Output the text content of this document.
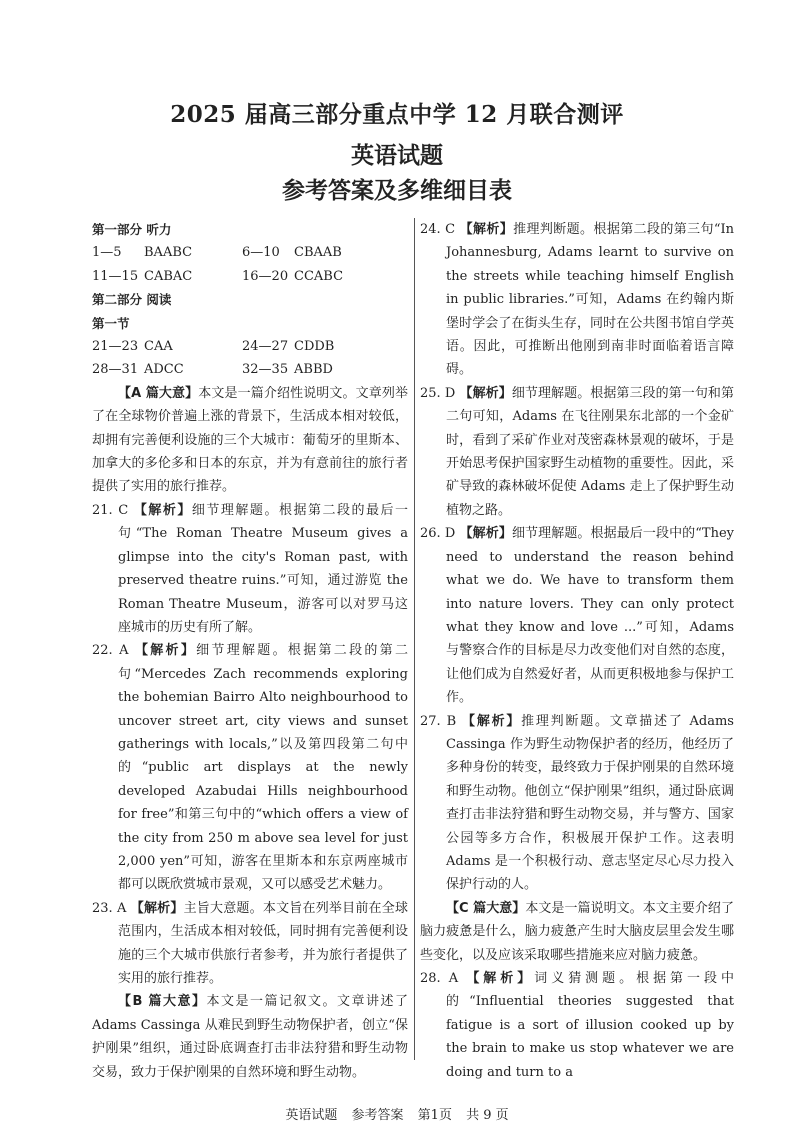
2025 届高三部分重点中学 12 月联合测评
英语试题
参考答案及多维细目表
第一部分 听力
1—5 BAABC	6—10 CBAAB
11—15 CABAC	16—20 CCABC
第二部分 阅读
第一节
21—23 CAA	24—27 CDDB
28—31 ADCC	32—35 ABBD

【A 篇大意】本文是一篇介绍性说明文。文章列举了在全球物价普遍上涨的背景下，生活成本相对较低，却拥有完善便利设施的三个大城市：葡萄牙的里斯本、加拿大的多伦多和日本的东京，并为有意前往的旅行者提供了实用的旅行推荐。

21. C 【解析】细节理解题。根据第二段的最后一句“The Roman Theatre Museum gives a glimpse into the city's Roman past, with preserved theatre ruins.”可知，通过游览 the Roman Theatre Museum，游客可以对罗马这座城市的历史有所了解。

22. A 【解析】细节理解题。根据第二段的第二句“Mercedes Zach recommends exploring the bohemian Bairro Alto neighbourhood to uncover street art, city views and sunset gatherings with locals,”以及第四段第二句中的“public art displays at the newly developed Azabudai Hills neighbourhood for free”和第三句中的“which offers a view of the city from 250 m above sea level for just 2,000 yen”可知，游客在里斯本和东京两座城市都可以既欣赏城市景观，又可以感受艺术魅力。

23. A 【解析】主旨大意题。本文旨在列举目前在全球范围内，生活成本相对较低，同时拥有完善便利设施的三个大城市供旅行者参考，并为旅行者提供了实用的旅行推荐。

【B 篇大意】本文是一篇记叙文。文章讲述了 Adams Cassinga 从难民到野生动物保护者，创立“保护刚果”组织，通过卧底调查打击非法狩猎和野生动物交易，致力于保护刚果的自然环境和野生动物。

24. C 【解析】推理判断题。根据第二段的第三句“In Johannesburg, Adams learnt to survive on the streets while teaching himself English in public libraries.”可知，Adams 在约翰内斯堡时学会了在街头生存，同时在公共图书馆自学英语。因此，可推断出他刚到南非时面临着语言障碍。

25. D 【解析】细节理解题。根据第三段的第一句和第二句可知，Adams 在飞往刚果东北部的一个金矿时，看到了采矿作业对茂密森林景观的破坏，于是开始思考保护国家野生动植物的重要性。因此，采矿导致的森林破坏促使 Adams 走上了保护野生动植物之路。

26. D 【解析】细节理解题。根据最后一段中的“They need to understand the reason behind what we do. We have to transform them into nature lovers. They can only protect what they know and love ...”可知，Adams 与警察合作的目标是尽力改变他们对自然的态度，让他们成为自然爱好者，从而更积极地参与保护工作。

27. B 【解析】推理判断题。文章描述了 Adams Cassinga 作为野生动物保护者的经历，他经历了多种身份的转变，最终致力于保护刚果的自然环境和野生动物。他创立“保护刚果”组织，通过卧底调查打击非法狩猎和野生动物交易，并与警方、国家公园等多方合作，积极展开保护工作。这表明 Adams 是一个积极行动、意志坚定尽心尽力投入保护行动的人。

【C 篇大意】本文是一篇说明文。本文主要介绍了脑力疲惫是什么，脑力疲惫产生时大脑皮层里会发生哪些变化，以及应该采取哪些措施来应对脑力疲惫。

28. A 【解析】词义猜测题。根据第一段中的“Influential theories suggested that fatigue is a sort of illusion cooked up by the brain to make us stop whatever we are doing and turn to a

英语试题 参考答案 第1页 共 9 页
